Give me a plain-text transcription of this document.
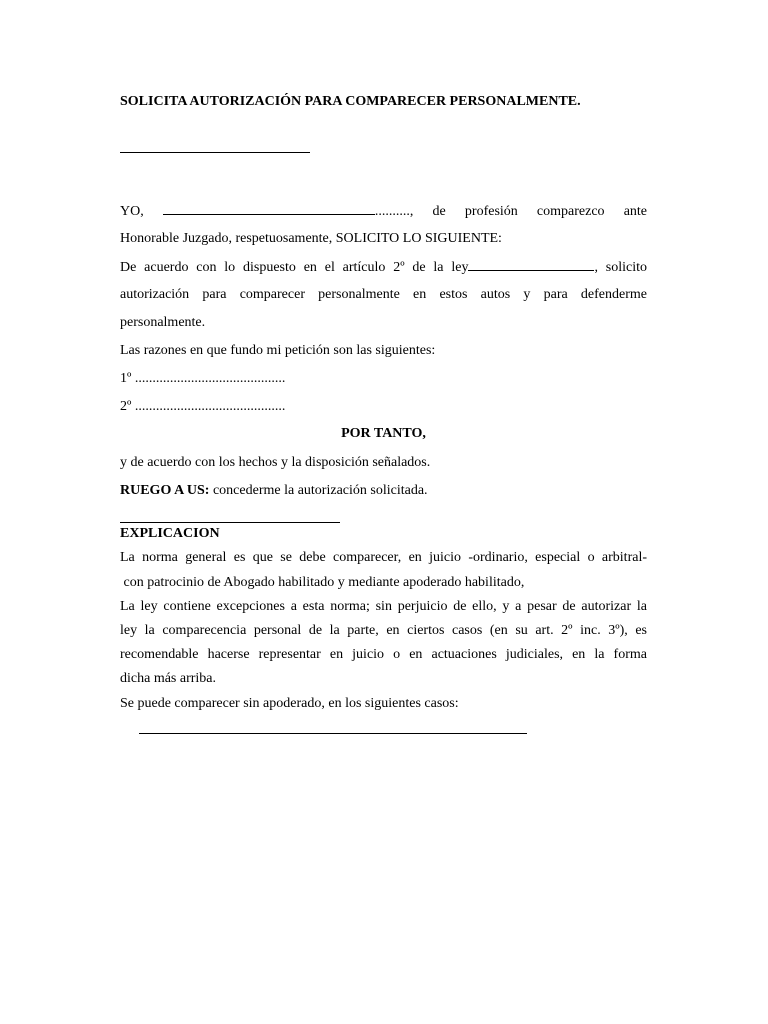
SOLICITA AUTORIZACIÓN PARA COMPARECER PERSONALMENTE.
YO,	.........., de profesión comparezco ante
Honorable Juzgado, respetuosamente, SOLICITO LO SIGUIENTE:
De acuerdo con lo dispuesto en el artículo 2º de la ley	, solicito
autorización para comparecer personalmente en estos autos y para defenderme
personalmente.
Las razones en que fundo mi petición son las siguientes:
1º ...........................................
2º ...........................................
POR TANTO,
y de acuerdo con los hechos y la disposición señalados.
RUEGO A US: concederme la autorización solicitada.
EXPLICACION
La norma general es que se debe comparecer, en juicio -ordinario, especial o arbitral-
con patrocinio de Abogado habilitado y mediante apoderado habilitado,
La ley contiene excepciones a esta norma; sin perjuicio de ello, y a pesar de autorizar la
ley la comparecencia personal de la parte, en ciertos casos (en su art. 2º inc. 3º), es
recomendable hacerse representar en juicio o en actuaciones judiciales, en la forma
dicha más arriba.
Se puede comparecer sin apoderado, en los siguientes casos:
